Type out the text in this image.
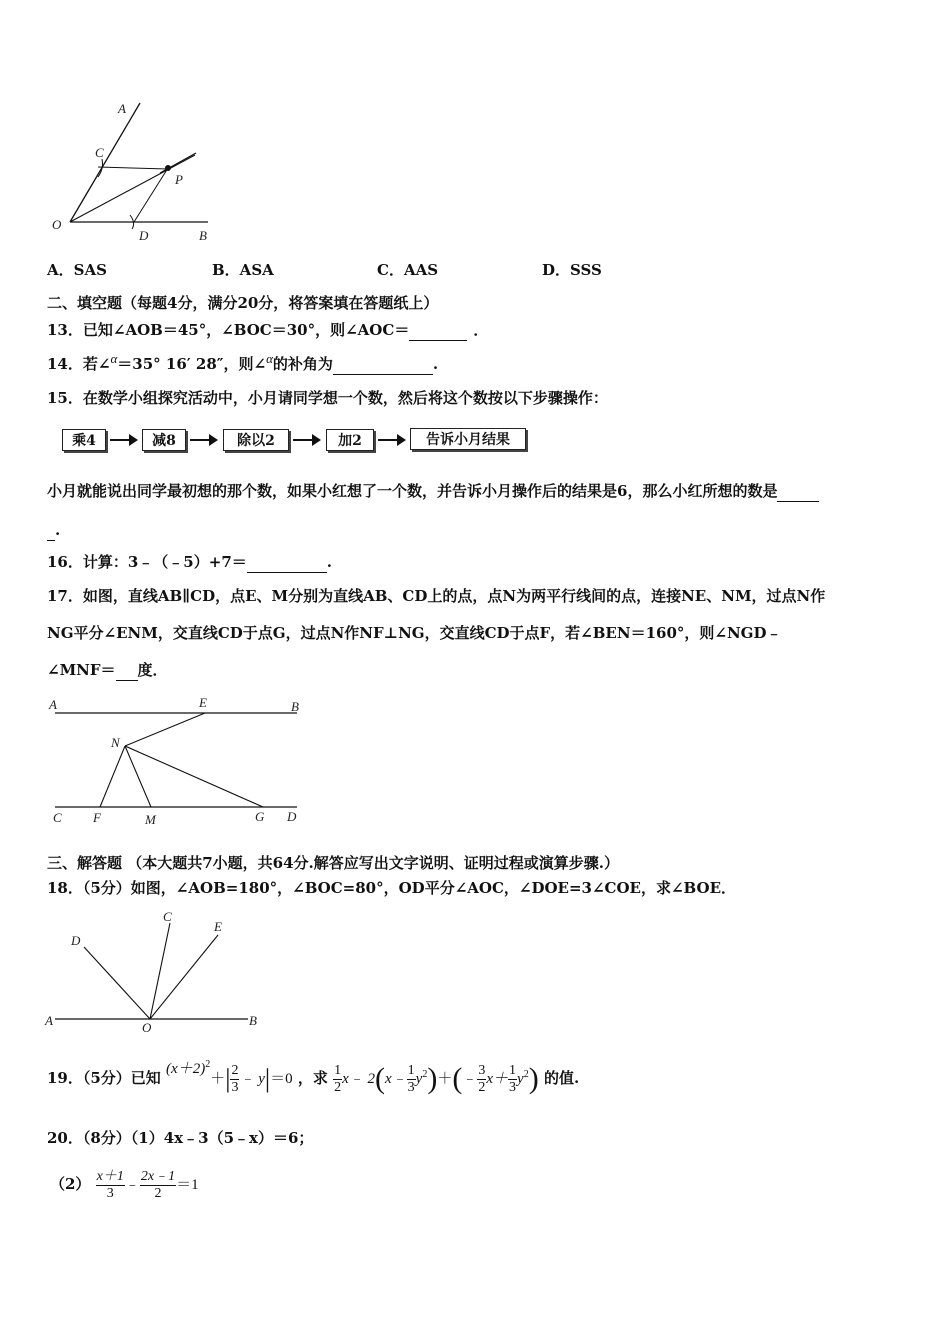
A
C
P
O
D	B
A．SAS	B．ASA	C．AAS	D．SSS
二、填空题（每题4分，满分20分，将答案填在答题纸上）
13．已知∠AOB＝45°，∠BOC＝30°，则∠AOC＝	．
14．若∠α＝35° 16′ 28″，则∠α的补角为	.
15．在数学小组探究活动中，小月请同学想一个数，然后将这个数按以下步骤操作：
乘4	减8	除以2	加2	告诉小月结果
小月就能说出同学最初想的那个数，如果小红想了一个数，并告诉小月操作后的结果是6，那么小红所想的数是
.
16．计算：3﹣（﹣5）+7＝	.
17．如图，直线AB∥CD，点E、M分别为直线AB、CD上的点，点N为两平行线间的点，连接NE、NM，过点N作
NG平分∠ENM，交直线CD于点G，过点N作NF⊥NG，交直线CD于点F，若∠BEN＝160°，则∠NGD﹣
∠MNF＝ 度．
A	E	B
N
C F	M	G D
三、解答题 （本大题共7小题，共64分.解答应写出文字说明、证明过程或演算步骤.）
18．（5分）如图，∠AOB=180°，∠BOC=80°，OD平分∠AOC，∠DOE=3∠COE，求∠BOE．
C
E
D
A	O	B
19．（5分）已知 $(x+2)^2+| \frac{2}{3}$ ﹣ y|＝0 ，求 $\frac{1}{2}$ x﹣ 2(x﹣ $\frac{1}{3}$ $y^2)+(﹣ \frac{3}{2} x+ \frac{1}{3} y^2)$ 的值.
20．（8分）（1）4x﹣3（5﹣x）＝6；
$(2) \frac{x+1}{3}$ ﹣ $\frac{2x﹣1}{2} =1$
